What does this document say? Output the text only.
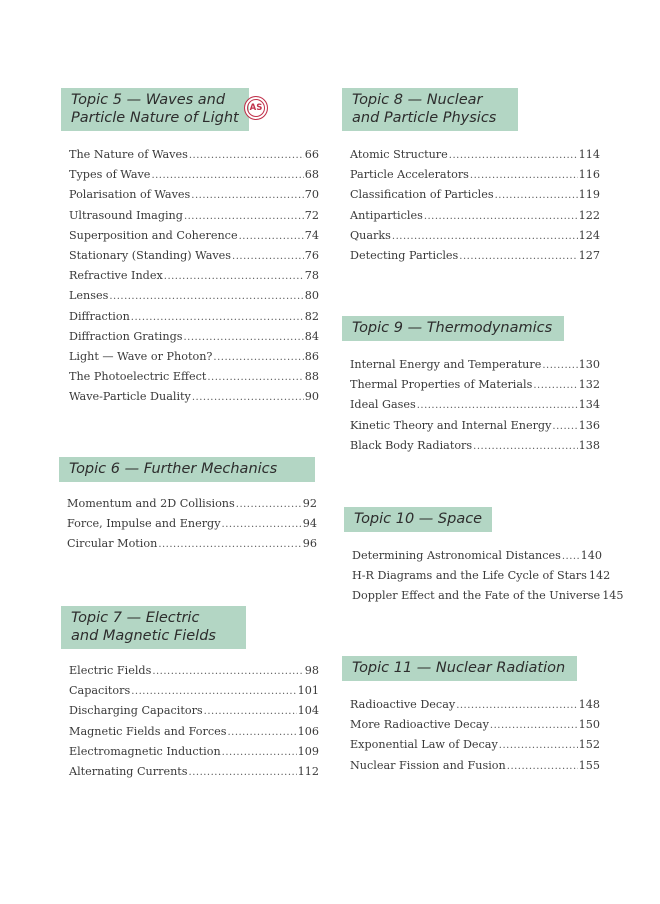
Topic 5 — Waves and
Particle Nature of Light
The Nature of Waves .....	66
Types of Wave .....	68
Polarisation of Waves .....	70
Ultrasound Imaging .....	72
Superposition and Coherence .....	74
Stationary (Standing) Waves .....	76
Refractive Index .....	78
Lenses .....	80
Diffraction .....	82
Diffraction Gratings .....	84
Light — Wave or Photon? .....	86
The Photoelectric Effect .....	88
Wave-Particle Duality .....	90
AS
Topic 6 — Further Mechanics
Momentum and 2D Collisions .....	92
Force, Impulse and Energy .....	94
Circular Motion .....	96
Topic 7 — Electric
and Magnetic Fields
Electric Fields .....	98
Capacitors .....	101
Discharging Capacitors .....	104
Magnetic Fields and Forces .....	106
Electromagnetic Induction .....	109
Alternating Currents .....	112
Topic 8 — Nuclear
and Particle Physics
Atomic Structure .....	114
Particle Accelerators .....	116
Classification of Particles .....	119
Antiparticles .....	122
Quarks .....	124
Detecting Particles .....	127
Topic 9 — Thermodynamics
Internal Energy and Temperature .....	130
Thermal Properties of Materials .....	132
Ideal Gases .....	134
Kinetic Theory and Internal Energy ..... 136
Black Body Radiators .....	138
Topic 10 — Space
Determining Astronomical Distances ..... 140
H-R Diagrams and the Life Cycle of Stars 142
Doppler Effect and the Fate of the Universe 145
Topic 11 — Nuclear Radiation
Radioactive Decay .....	148
More Radioactive Decay .....	150
Exponential Law of Decay .....	152
Nuclear Fission and Fusion .....	155
